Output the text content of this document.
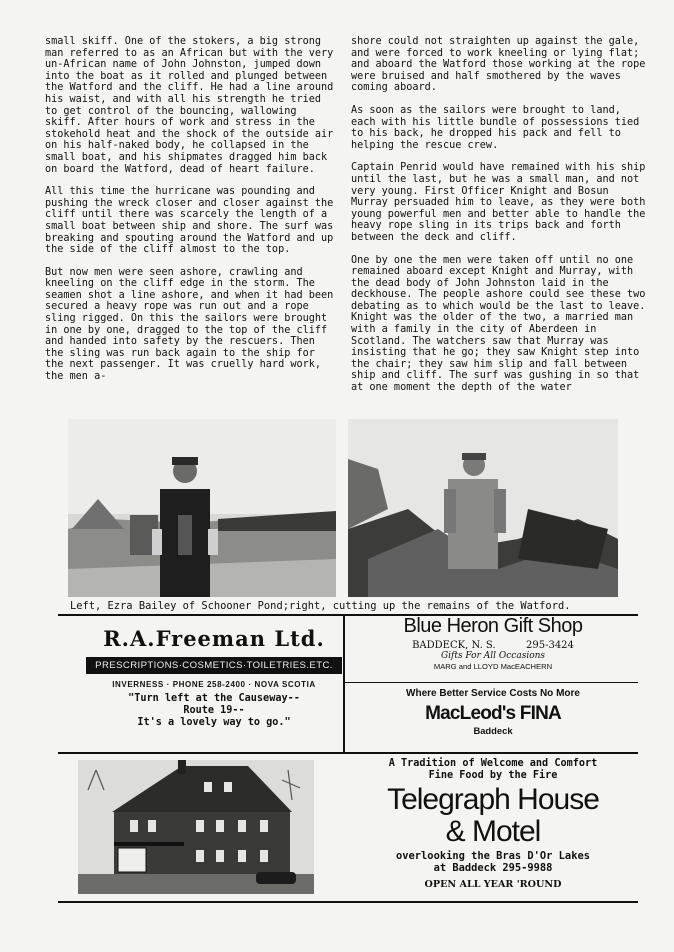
small skiff. One of the stokers, a big strong man referred to as an African but with the very un-African name of John Johnston, jumped down into the boat as it rolled and plunged between the Watford and the cliff. He had a line around his waist, and with all his strength he tried to get control of the bouncing, wallowing skiff. After hours of work and stress in the stokehold heat and the shock of the outside air on his half-naked body, he collapsed in the small boat, and his shipmates dragged him back on board the Watford, dead of heart failure.

All this time the hurricane was pounding and pushing the wreck closer and closer against the cliff until there was scarcely the length of a small boat between ship and shore. The surf was breaking and spouting around the Watford and up the side of the cliff almost to the top.

But now men were seen ashore, crawling and kneeling on the cliff edge in the storm. The seamen shot a line ashore, and when it had been secured a heavy rope was run out and a rope sling rigged. On this the sailors were brought in one by one, dragged to the top of the cliff and handed into safety by the rescuers. Then the sling was run back again to the ship for the next passenger. It was cruelly hard work, the men a-

shore could not straighten up against the gale, and were forced to work kneeling or lying flat; and aboard the Watford those working at the rope were bruised and half smothered by the waves coming aboard.

As soon as the sailors were brought to land, each with his little bundle of possessions tied to his back, he dropped his pack and fell to helping the rescue crew.

Captain Penrid would have remained with his ship until the last, but he was a small man, and not very young. First Officer Knight and Bosun Murray persuaded him to leave, as they were both young powerful men and better able to handle the heavy rope sling in its trips back and forth between the deck and cliff.

One by one the men were taken off until no one remained aboard except Knight and Murray, with the dead body of John Johnston laid in the deckhouse. The people ashore could see these two debating as to which would be the last to leave. Knight was the older of the two, a married man with a family in the city of Aberdeen in Scotland. The watchers saw that Murray was insisting that he go; they saw Knight step into the chair; they saw him slip and fall between ship and cliff. The surf was gushing in so that at one moment the depth of the water

Left, Ezra Bailey of Schooner Pond;right, cutting up the remains of the Watford.
R.A.Freeman Ltd.
PRESCRIPTIONS·COSMETICS·TOILETRIES.ETC.
INVERNESS · PHONE 258-2400 · NOVA SCOTIA
"Turn left at the Causeway--
Route 19--
It's a lovely way to go."
Blue Heron Gift Shop
BADDECK, N. S.	295-3424
Gifts For All Occasions
MARG and LLOYD MacEACHERN
Where Better Service Costs No More
MacLeod's FINA
Baddeck
A Tradition of Welcome and Comfort
Fine Food by the Fire
Telegraph House
& Motel
overlooking the Bras D'Or Lakes
at Baddeck 295-9988
OPEN ALL YEAR 'ROUND
